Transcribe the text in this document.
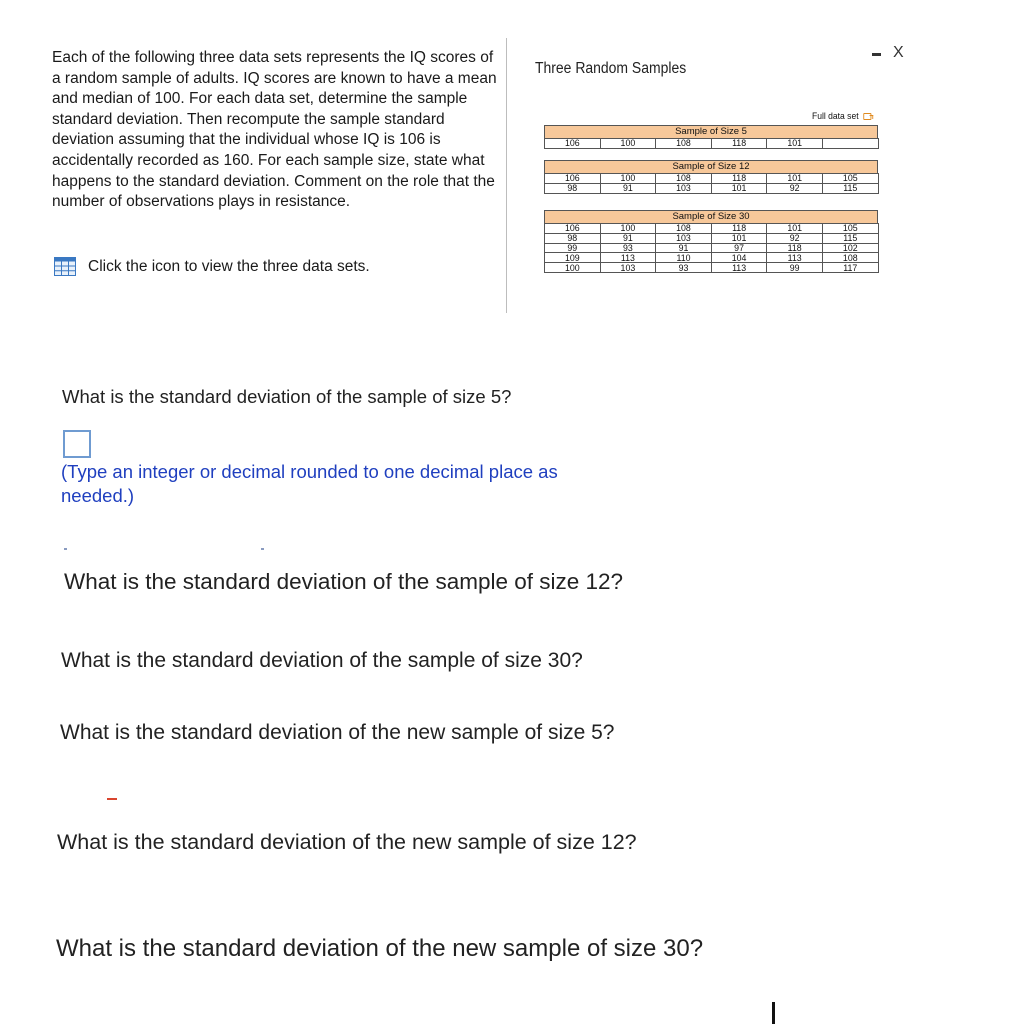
Each of the following three data sets represents the IQ scores of a random sample of adults. IQ scores are known to have a mean and median of 100. For each data set, determine the sample standard deviation. Then recompute the sample standard deviation assuming that the individual whose IQ is 106 is accidentally recorded as 160. For each sample size, state what happens to the standard deviation. Comment on the role that the number of observations plays in resistance.
Click the icon to view the three data sets.
Three Random Samples
X
Full data set
Sample of Size 5
106	100	108	118	101	
Sample of Size 12
106	100	108	118	101	105
98	91	103	101	92	115
Sample of Size 30
106	100	108	118	101	105
98	91	103	101	92	115
99	93	91	97	118	102
109	113	110	104	113	108
100	103	93	113	99	117
What is the standard deviation of the sample of size 5?
(Type an integer or decimal rounded to one decimal place as needed.)
What is the standard deviation of the sample of size 12?
What is the standard deviation of the sample of size 30?
What is the standard deviation of the new sample of size 5?
What is the standard deviation of the new sample of size 12?
What is the standard deviation of the new sample of size 30?
